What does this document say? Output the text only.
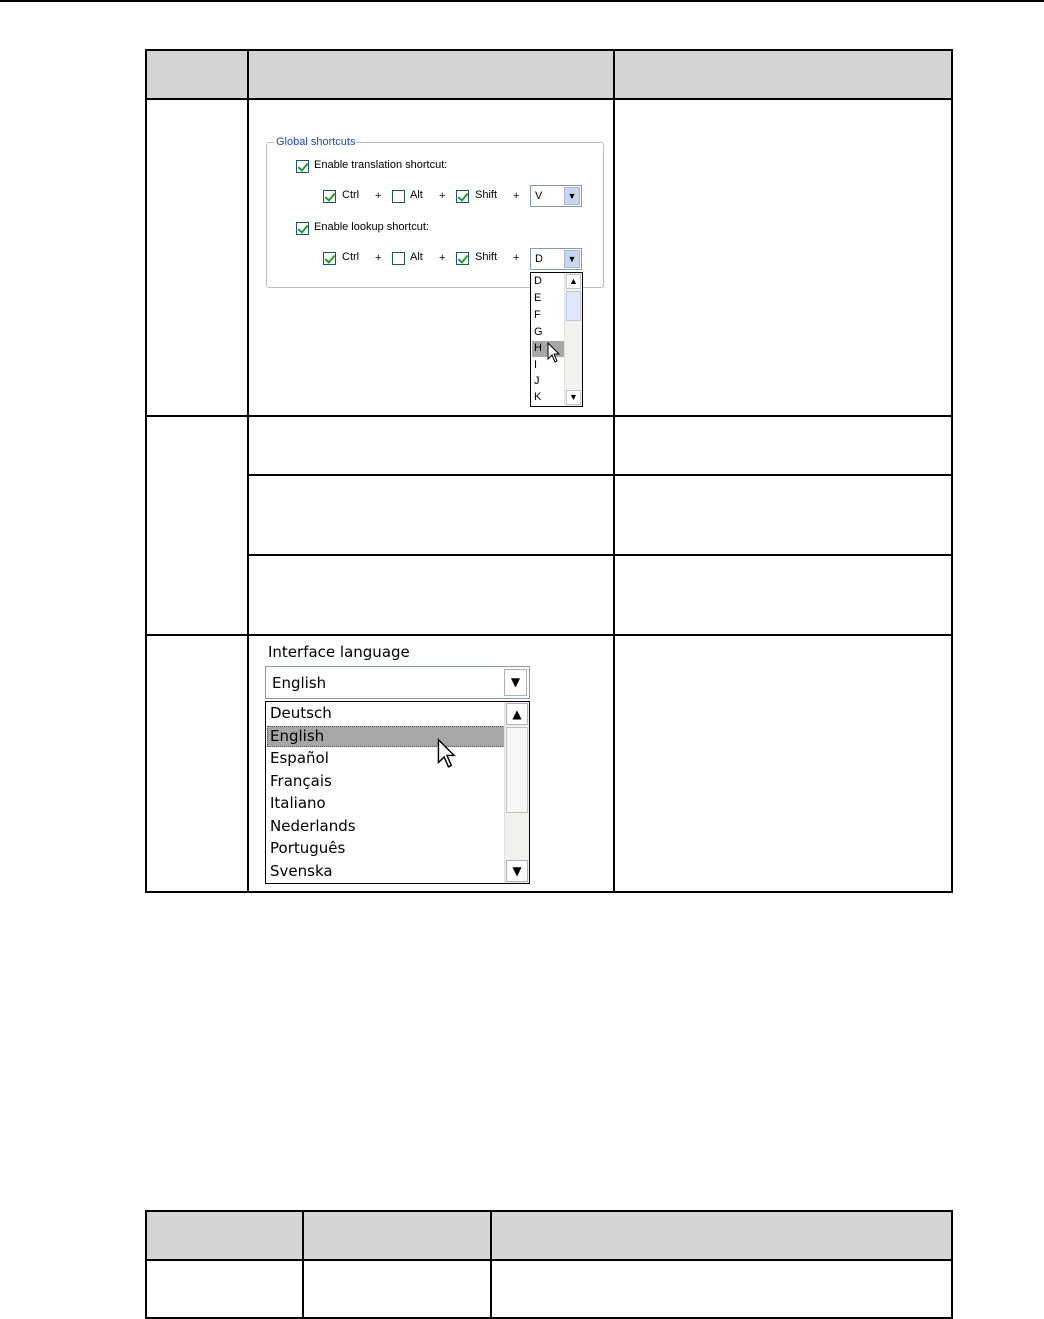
Global shortcuts
Enable translation shortcut:
Ctrl +	Alt +	Shift + V	▼
Enable lookup shortcut:
Ctrl +	Alt +	Shift + D	▼
D
E
F
G
H
I
J
K
▲
▼
Interface language
English	▼
Deutsch
English
Español
Français
Italiano
Nederlands
Português
Svenska
▲
▼
